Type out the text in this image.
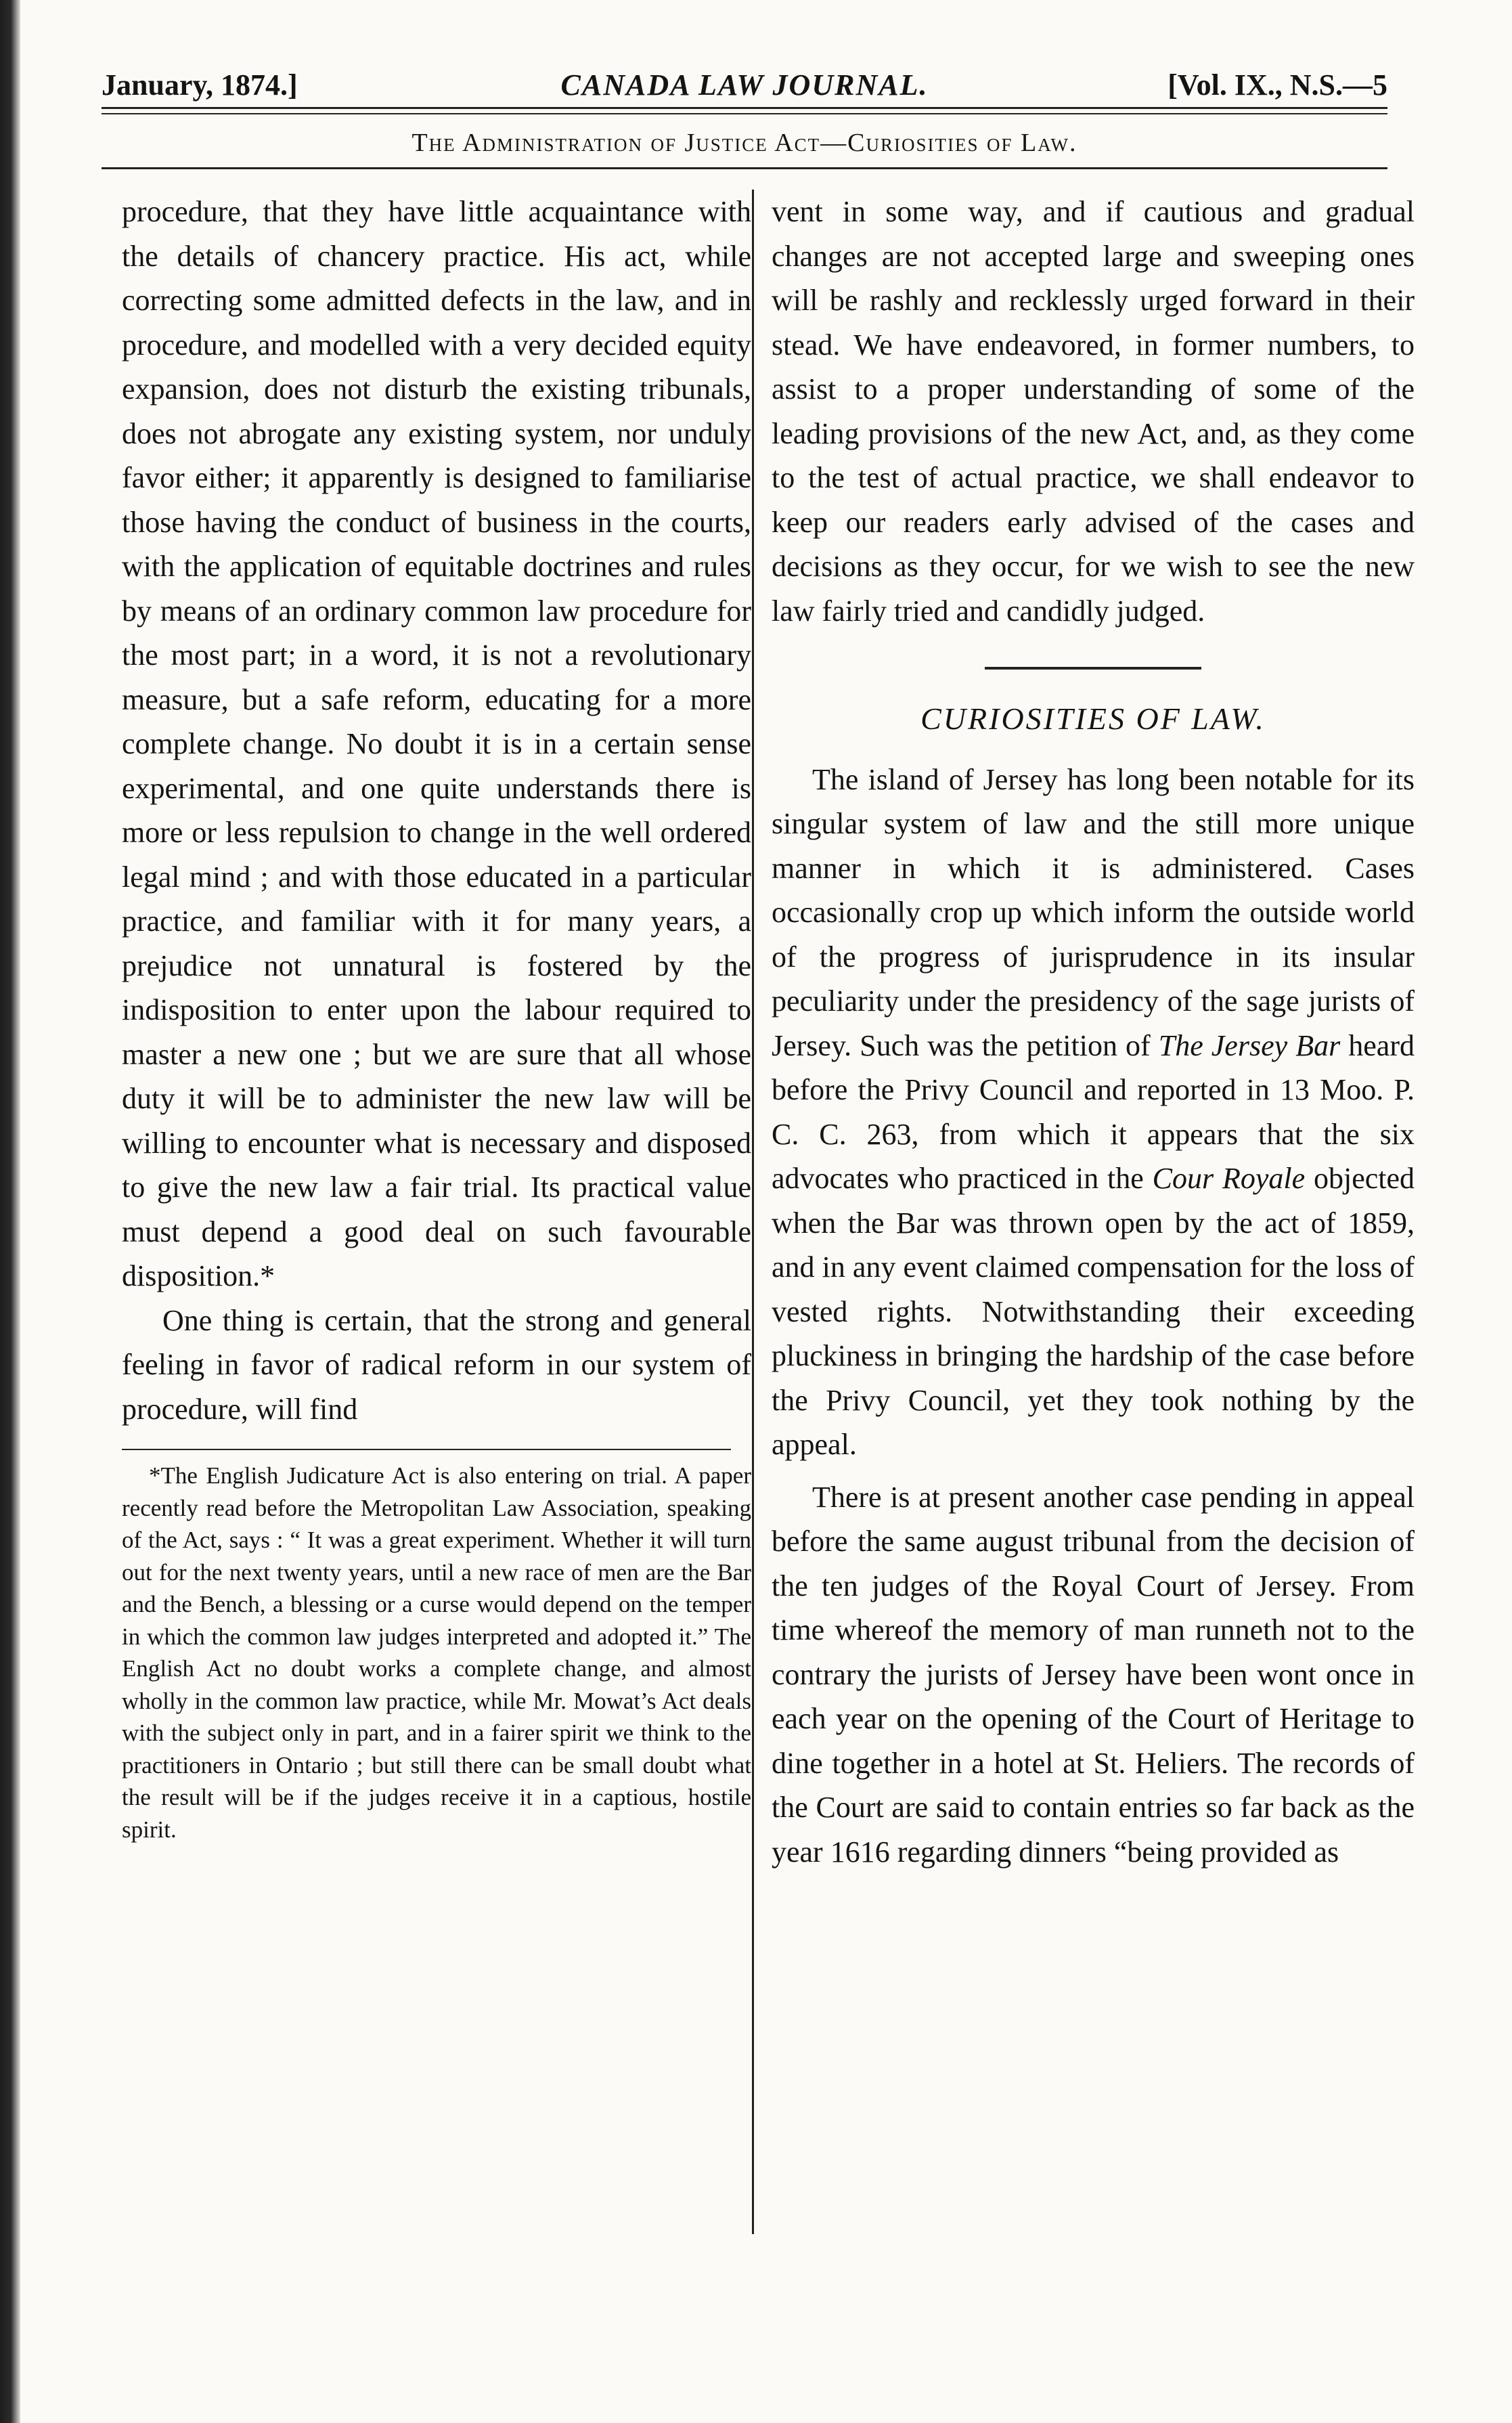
January, 1874.]	CANADA LAW JOURNAL.	[Vol. IX., N.S.—5
The Administration of Justice Act—Curiosities of Law.

procedure, that they have little acquaintance with the details of chancery practice. His act, while correcting some admitted defects in the law, and in procedure, and modelled with a very decided equity expansion, does not disturb the existing tribunals, does not abrogate any existing system, nor unduly favor either; it apparently is designed to familiarise those having the conduct of business in the courts, with the application of equitable doctrines and rules by means of an ordinary common law procedure for the most part; in a word, it is not a revolutionary measure, but a safe reform, educating for a more complete change. No doubt it is in a certain sense experimental, and one quite understands there is more or less repulsion to change in the well ordered legal mind ; and with those educated in a particular practice, and familiar with it for many years, a prejudice not unnatural is fostered by the indisposition to enter upon the labour required to master a new one ; but we are sure that all whose duty it will be to administer the new law will be willing to encounter what is necessary and disposed to give the new law a fair trial. Its practical value must depend a good deal on such favourable disposition.*

One thing is certain, that the strong and general feeling in favor of radical reform in our system of procedure, will find

*The English Judicature Act is also entering on trial. A paper recently read before the Metropolitan Law Association, speaking of the Act, says : “ It was a great experiment. Whether it will turn out for the next twenty years, until a new race of men are the Bar and the Bench, a blessing or a curse would depend on the temper in which the common law judges interpreted and adopted it.” The English Act no doubt works a complete change, and almost wholly in the common law practice, while Mr. Mowat’s Act deals with the subject only in part, and in a fairer spirit we think to the practitioners in Ontario ; but still there can be small doubt what the result will be if the judges receive it in a captious, hostile spirit.

vent in some way, and if cautious and gradual changes are not accepted large and sweeping ones will be rashly and recklessly urged forward in their stead. We have endeavored, in former numbers, to assist to a proper understanding of some of the leading provisions of the new Act, and, as they come to the test of actual practice, we shall endeavor to keep our readers early advised of the cases and decisions as they occur, for we wish to see the new law fairly tried and candidly judged.

CURIOSITIES OF LAW.

The island of Jersey has long been notable for its singular system of law and the still more unique manner in which it is administered. Cases occasionally crop up which inform the outside world of the progress of jurisprudence in its insular peculiarity under the presidency of the sage jurists of Jersey. Such was the petition of The Jersey Bar heard before the Privy Council and reported in 13 Moo. P. C. C. 263, from which it appears that the six advocates who practiced in the Cour Royale objected when the Bar was thrown open by the act of 1859, and in any event claimed compensation for the loss of vested rights. Notwithstanding their exceeding pluckiness in bringing the hardship of the case before the Privy Council, yet they took nothing by the appeal.

There is at present another case pending in appeal before the same august tribunal from the decision of the ten judges of the Royal Court of Jersey. From time whereof the memory of man runneth not to the contrary the jurists of Jersey have been wont once in each year on the opening of the Court of Heritage to dine together in a hotel at St. Heliers. The records of the Court are said to contain entries so far back as the year 1616 regarding dinners “being provided as
